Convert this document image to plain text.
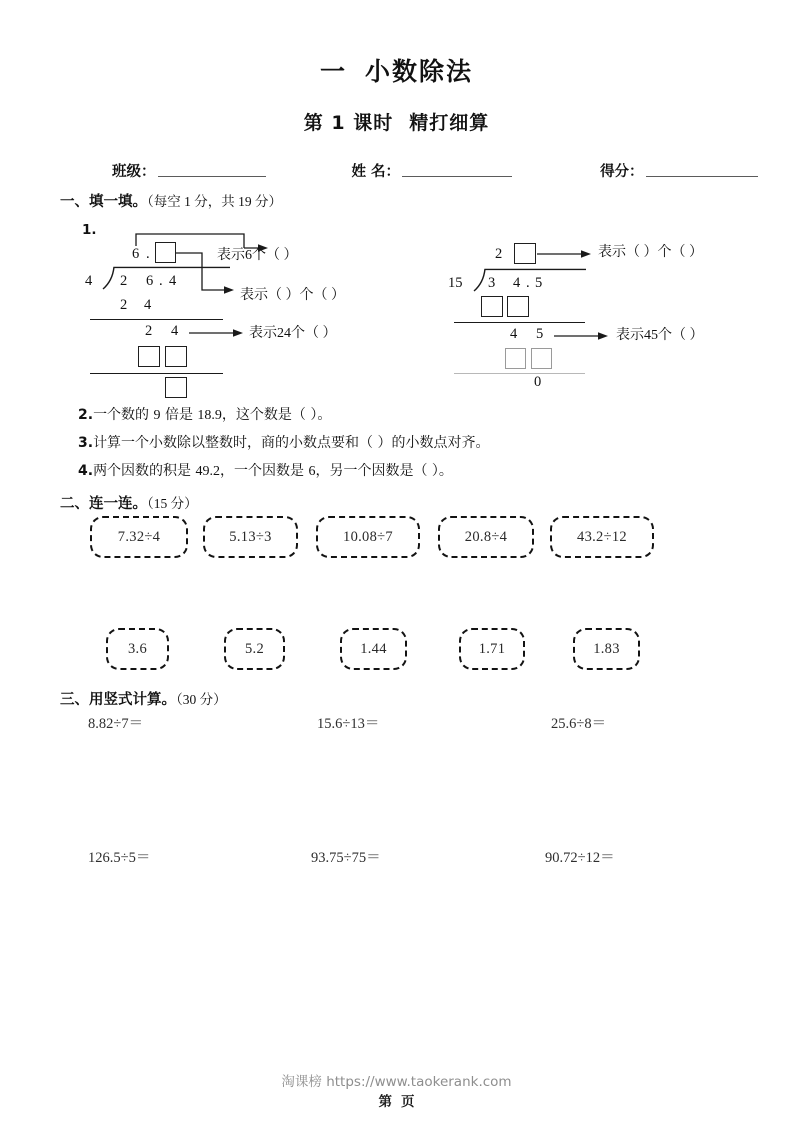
一 小数除法
第 1 课时 精打细算
班级：	姓 名：	得分：
一、填一填。（每空 1 分，共 19 分）
1.
4
6 .
2 6 . 4
2 4
2 4
表示6个（ ）
表示（ ）个（ ）
表示24个（ ）
15
2
3 4 . 5
4 5
0
表示（ ）个（ ）
表示45个（ ）
2.一个数的 9 倍是 18.9，这个数是（ ）。
3.计算一个小数除以整数时，商的小数点要和（ ）的小数点对齐。
4.两个因数的积是 49.2，一个因数是 6，另一个因数是（ ）。
二、连一连。（15 分）
7.32÷4	5.13÷3	10.08÷7	20.8÷4	43.2÷12
3.6	5.2	1.44	1.71	1.83
三、用竖式计算。（30 分）
8.82÷7＝	15.6÷13＝	25.6÷8＝
126.5÷5＝	93.75÷75＝	90.72÷12＝
淘课榜 https://www.taokerank.com
第 页
